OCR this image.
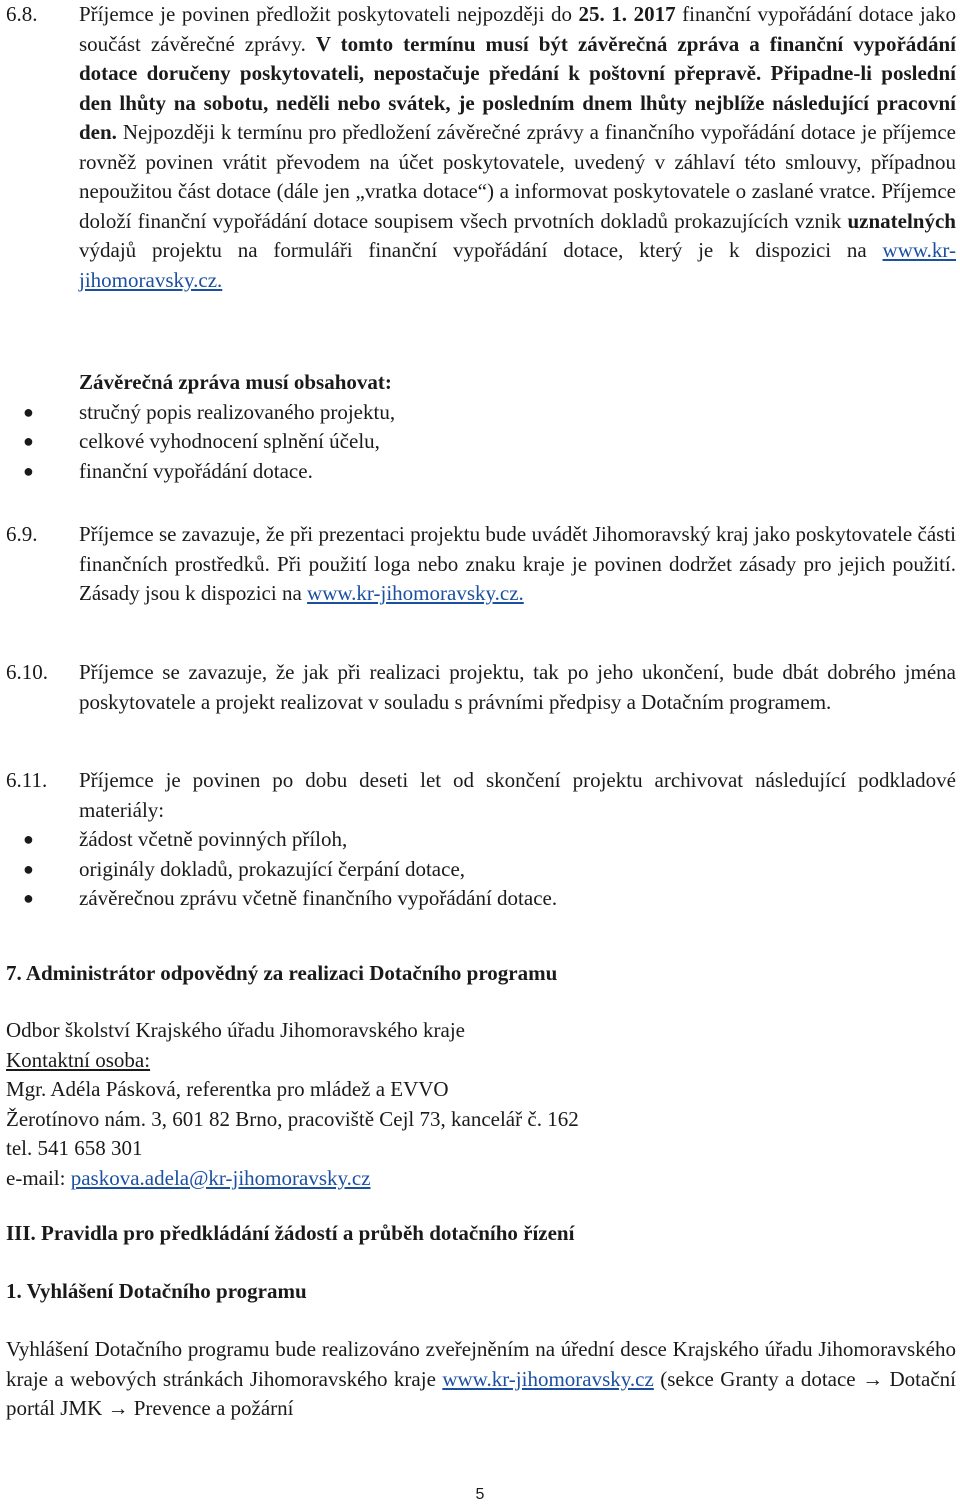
6.8. Příjemce je povinen předložit poskytovateli nejpozději do 25. 1. 2017 finanční vypořádání dotace jako součást závěrečné zprávy. V tomto termínu musí být závěrečná zpráva a finanční vypořádání dotace doručeny poskytovateli, nepostačuje předání k poštovní přepravě. Připadne-li poslední den lhůty na sobotu, neděli nebo svátek, je posledním dnem lhůty nejblíže následující pracovní den. Nejpozději k termínu pro předložení závěrečné zprávy a finančního vypořádání dotace je příjemce rovněž povinen vrátit převodem na účet poskytovatele, uvedený v záhlaví této smlouvy, případnou nepoužitou část dotace (dále jen „vratka dotace“) a informovat poskytovatele o zaslané vratce. Příjemce doloží finanční vypořádání dotace soupisem všech prvotních dokladů prokazujících vznik uznatelných výdajů projektu na formuláři finanční vypořádání dotace, který je k dispozici na www.kr-jihomoravsky.cz.

Závěrečná zpráva musí obsahovat:

● stručný popis realizovaného projektu,
● celkové vyhodnocení splnění účelu,
● finanční vypořádání dotace.
6.9. Příjemce se zavazuje, že při prezentaci projektu bude uvádět Jihomoravský kraj jako poskytovatele části finančních prostředků. Při použití loga nebo znaku kraje je povinen dodržet zásady pro jejich použití. Zásady jsou k dispozici na www.kr-jihomoravsky.cz.

6.10. Příjemce se zavazuje, že jak při realizaci projektu, tak po jeho ukončení, bude dbát dobrého jména poskytovatele a projekt realizovat v souladu s právními předpisy a Dotačním programem.

6.11. Příjemce je povinen po dobu deseti let od skončení projektu archivovat následující podkladové materiály:

● žádost včetně povinných příloh,
● originály dokladů, prokazující čerpání dotace,
● závěrečnou zprávu včetně finančního vypořádání dotace.
7. Administrátor odpovědný za realizaci Dotačního programu

Odbor školství Krajského úřadu Jihomoravského kraje

Kontaktní osoba:

Mgr. Adéla Pásková, referentka pro mládež a EVVO

Žerotínovo nám. 3, 601 82 Brno, pracoviště Cejl 73, kancelář č. 162

tel. 541 658 301

e-mail: paskova.adela@kr-jihomoravsky.cz

III. Pravidla pro předkládání žádostí a průběh dotačního řízení
1. Vyhlášení Dotačního programu

Vyhlášení Dotačního programu bude realizováno zveřejněním na úřední desce Krajského úřadu Jihomoravského kraje a webových stránkách Jihomoravského kraje www.kr-jihomoravsky.cz (sekce Granty a dotace → Dotační portál JMK → Prevence a požární

5
